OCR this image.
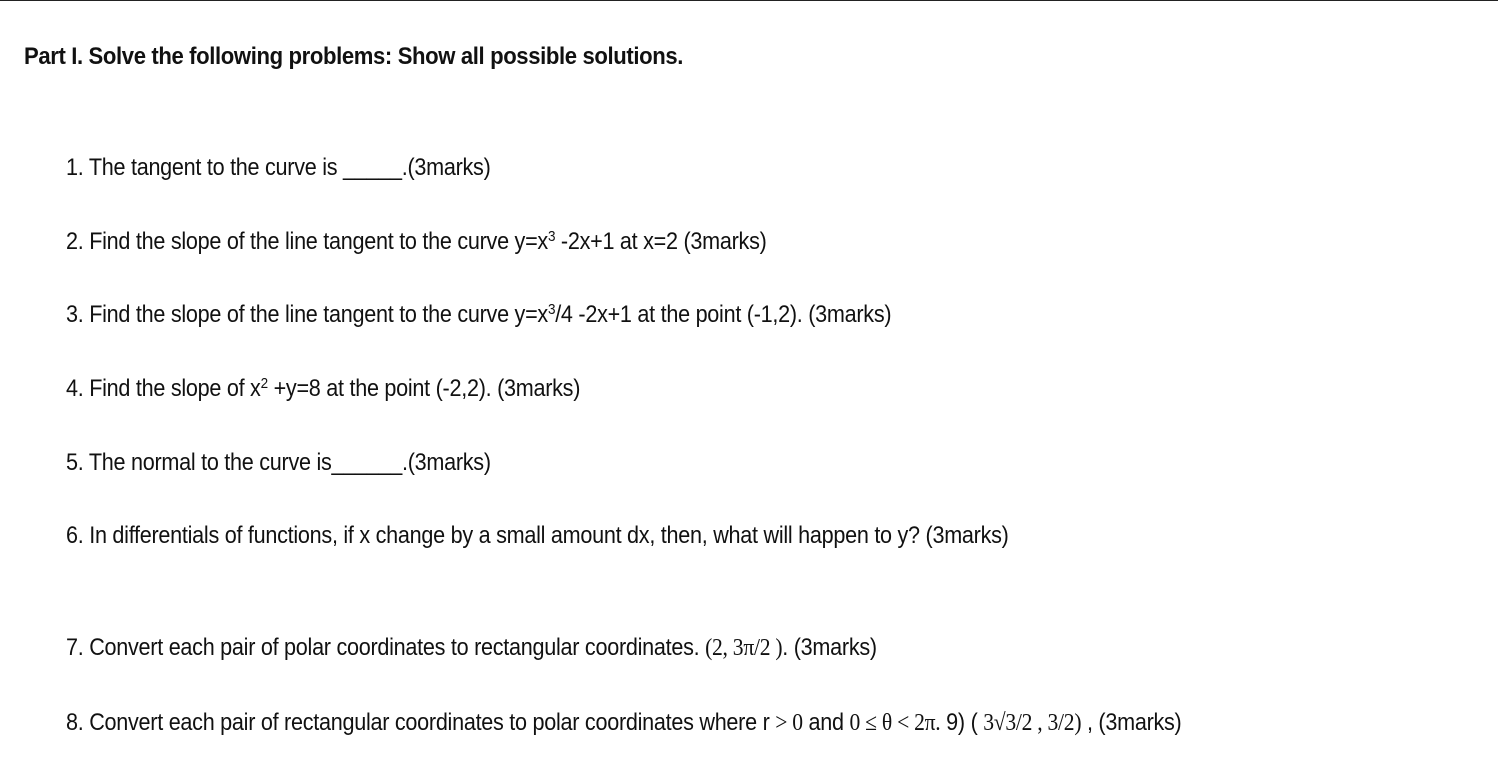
Part I. Solve the following problems: Show all possible solutions.
1. The tangent to the curve is _____.(3marks)
2. Find the slope of the line tangent to the curve $y=x^3$ -2x+1 at x=2 (3marks)
3. Find the slope of the line tangent to the curve $y=x^3/4$ -2x+1 at the point (-1,2). (3marks)
4. Find the slope of $x^2 +y=8$ at the point (-2,2). (3marks)
5. The normal to the curve is______.(3marks)
6. In differentials of functions, if x change by a small amount dx, then, what will happen to y? (3marks)
7. Convert each pair of polar coordinates to rectangular coordinates. (2, 3π/2 ). (3marks)
8. Convert each pair of rectangular coordinates to polar coordinates where r > 0 and 0 ≤ θ < 2π. 9) ( 3√3/2 , 3/2) , (3marks)
